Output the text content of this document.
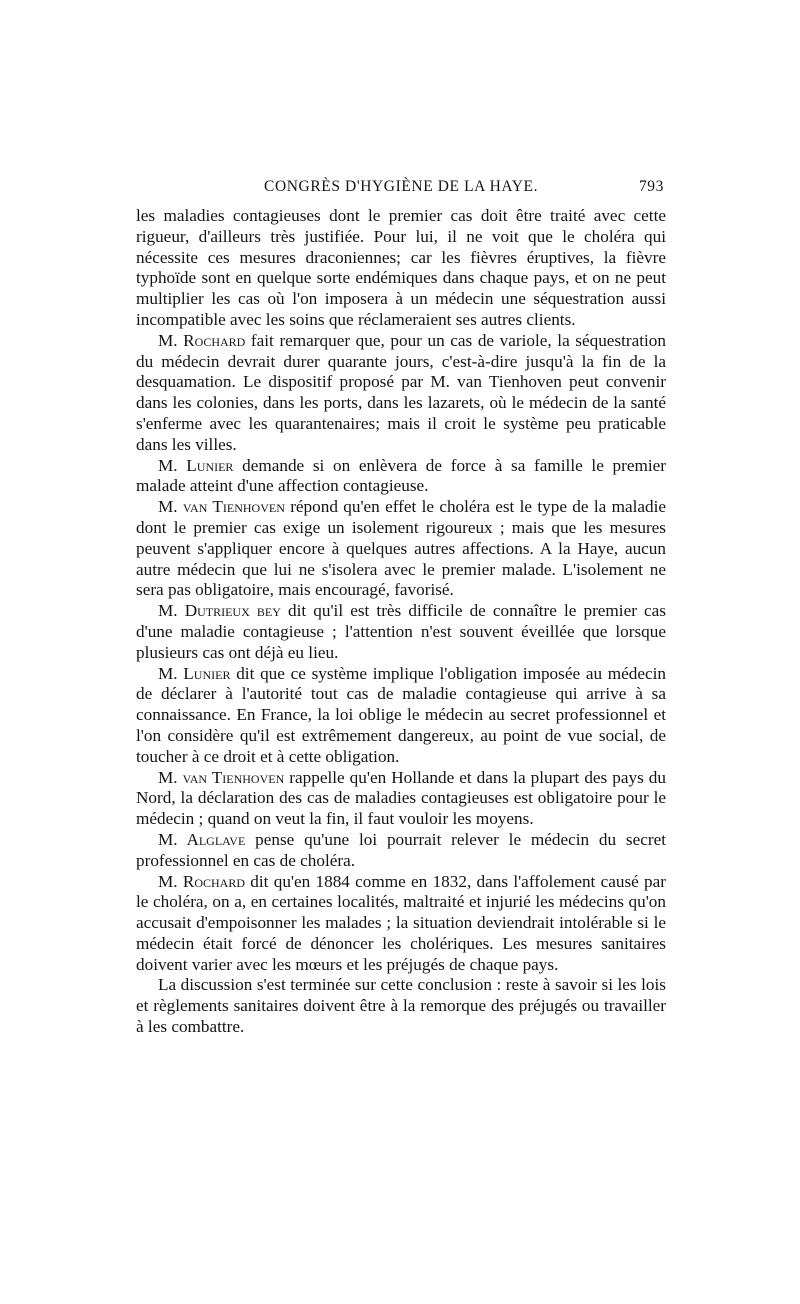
CONGRÈS D'HYGIÈNE DE LA HAYE.	793

les maladies contagieuses dont le premier cas doit être traité avec cette rigueur, d'ailleurs très justifiée. Pour lui, il ne voit que le choléra qui nécessite ces mesures draconiennes; car les fièvres éruptives, la fièvre typhoïde sont en quelque sorte endémiques dans chaque pays, et on ne peut multiplier les cas où l'on imposera à un médecin une séquestration aussi incompatible avec les soins que réclameraient ses autres clients.

M. Rochard fait remarquer que, pour un cas de variole, la séquestration du médecin devrait durer quarante jours, c'est-à-dire jusqu'à la fin de la desquamation. Le dispositif proposé par M. van Tienhoven peut convenir dans les colonies, dans les ports, dans les lazarets, où le médecin de la santé s'enferme avec les quarantenaires; mais il croit le système peu praticable dans les villes.

M. Lunier demande si on enlèvera de force à sa famille le premier malade atteint d'une affection contagieuse.

M. van Tienhoven répond qu'en effet le choléra est le type de la maladie dont le premier cas exige un isolement rigoureux ; mais que les mesures peuvent s'appliquer encore à quelques autres affections. A la Haye, aucun autre médecin que lui ne s'isolera avec le premier malade. L'isolement ne sera pas obligatoire, mais encouragé, favorisé.

M. Dutrieux bey dit qu'il est très difficile de connaître le premier cas d'une maladie contagieuse ; l'attention n'est souvent éveillée que lorsque plusieurs cas ont déjà eu lieu.

M. Lunier dit que ce système implique l'obligation imposée au médecin de déclarer à l'autorité tout cas de maladie contagieuse qui arrive à sa connaissance. En France, la loi oblige le médecin au secret professionnel et l'on considère qu'il est extrêmement dangereux, au point de vue social, de toucher à ce droit et à cette obligation.

M. van Tienhoven rappelle qu'en Hollande et dans la plupart des pays du Nord, la déclaration des cas de maladies contagieuses est obligatoire pour le médecin ; quand on veut la fin, il faut vouloir les moyens.

M. Alglave pense qu'une loi pourrait relever le médecin du secret professionnel en cas de choléra.

M. Rochard dit qu'en 1884 comme en 1832, dans l'affolement causé par le choléra, on a, en certaines localités, maltraité et injurié les médecins qu'on accusait d'empoisonner les malades ; la situation deviendrait intolérable si le médecin était forcé de dénoncer les cholériques. Les mesures sanitaires doivent varier avec les mœurs et les préjugés de chaque pays.

La discussion s'est terminée sur cette conclusion : reste à savoir si les lois et règlements sanitaires doivent être à la remorque des préjugés ou travailler à les combattre.
